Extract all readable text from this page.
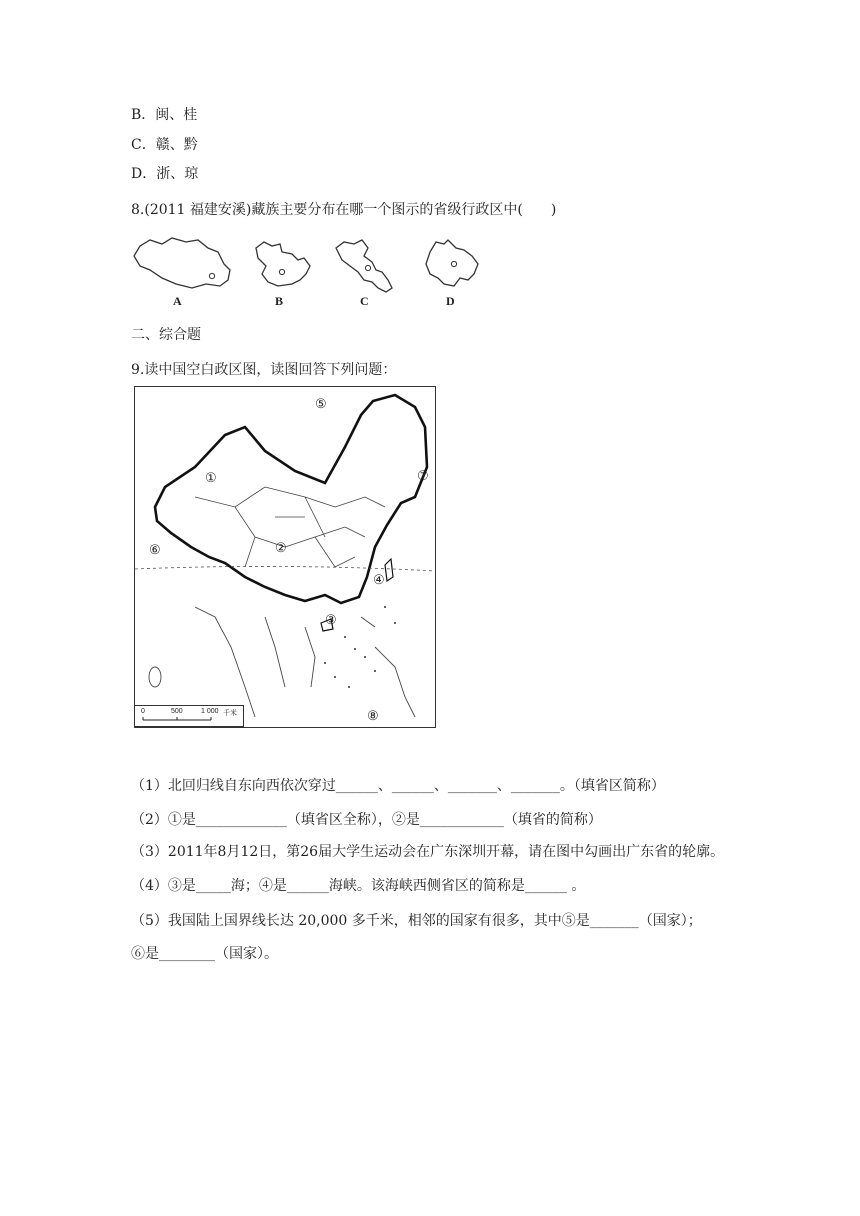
B．闽、桂
C．赣、黔
D．浙、琼
8.(2011 福建安溪)藏族主要分布在哪一个图示的省级行政区中(　　)
A	B	C	D
二、综合题
9.读中国空白政区图，读图回答下列问题：
①
②
③
④
⑤
⑥
⑦
⑧
0	500	1 000 千米
（1）北回归线自东向西依次穿过______、______、_______、_______。（填省区简称）
（2）①是_____________（填省区全称），②是____________（填省的简称）
（3）2011年8月12日，第26届大学生运动会在广东深圳开幕，请在图中勾画出广东省的轮廓。
（4）③是_____海；④是______海峡。该海峡西侧省区的简称是______ 。
（5）我国陆上国界线长达 20,000 多千米，相邻的国家有很多，其中⑤是_______（国家）；
⑥是________（国家）。
